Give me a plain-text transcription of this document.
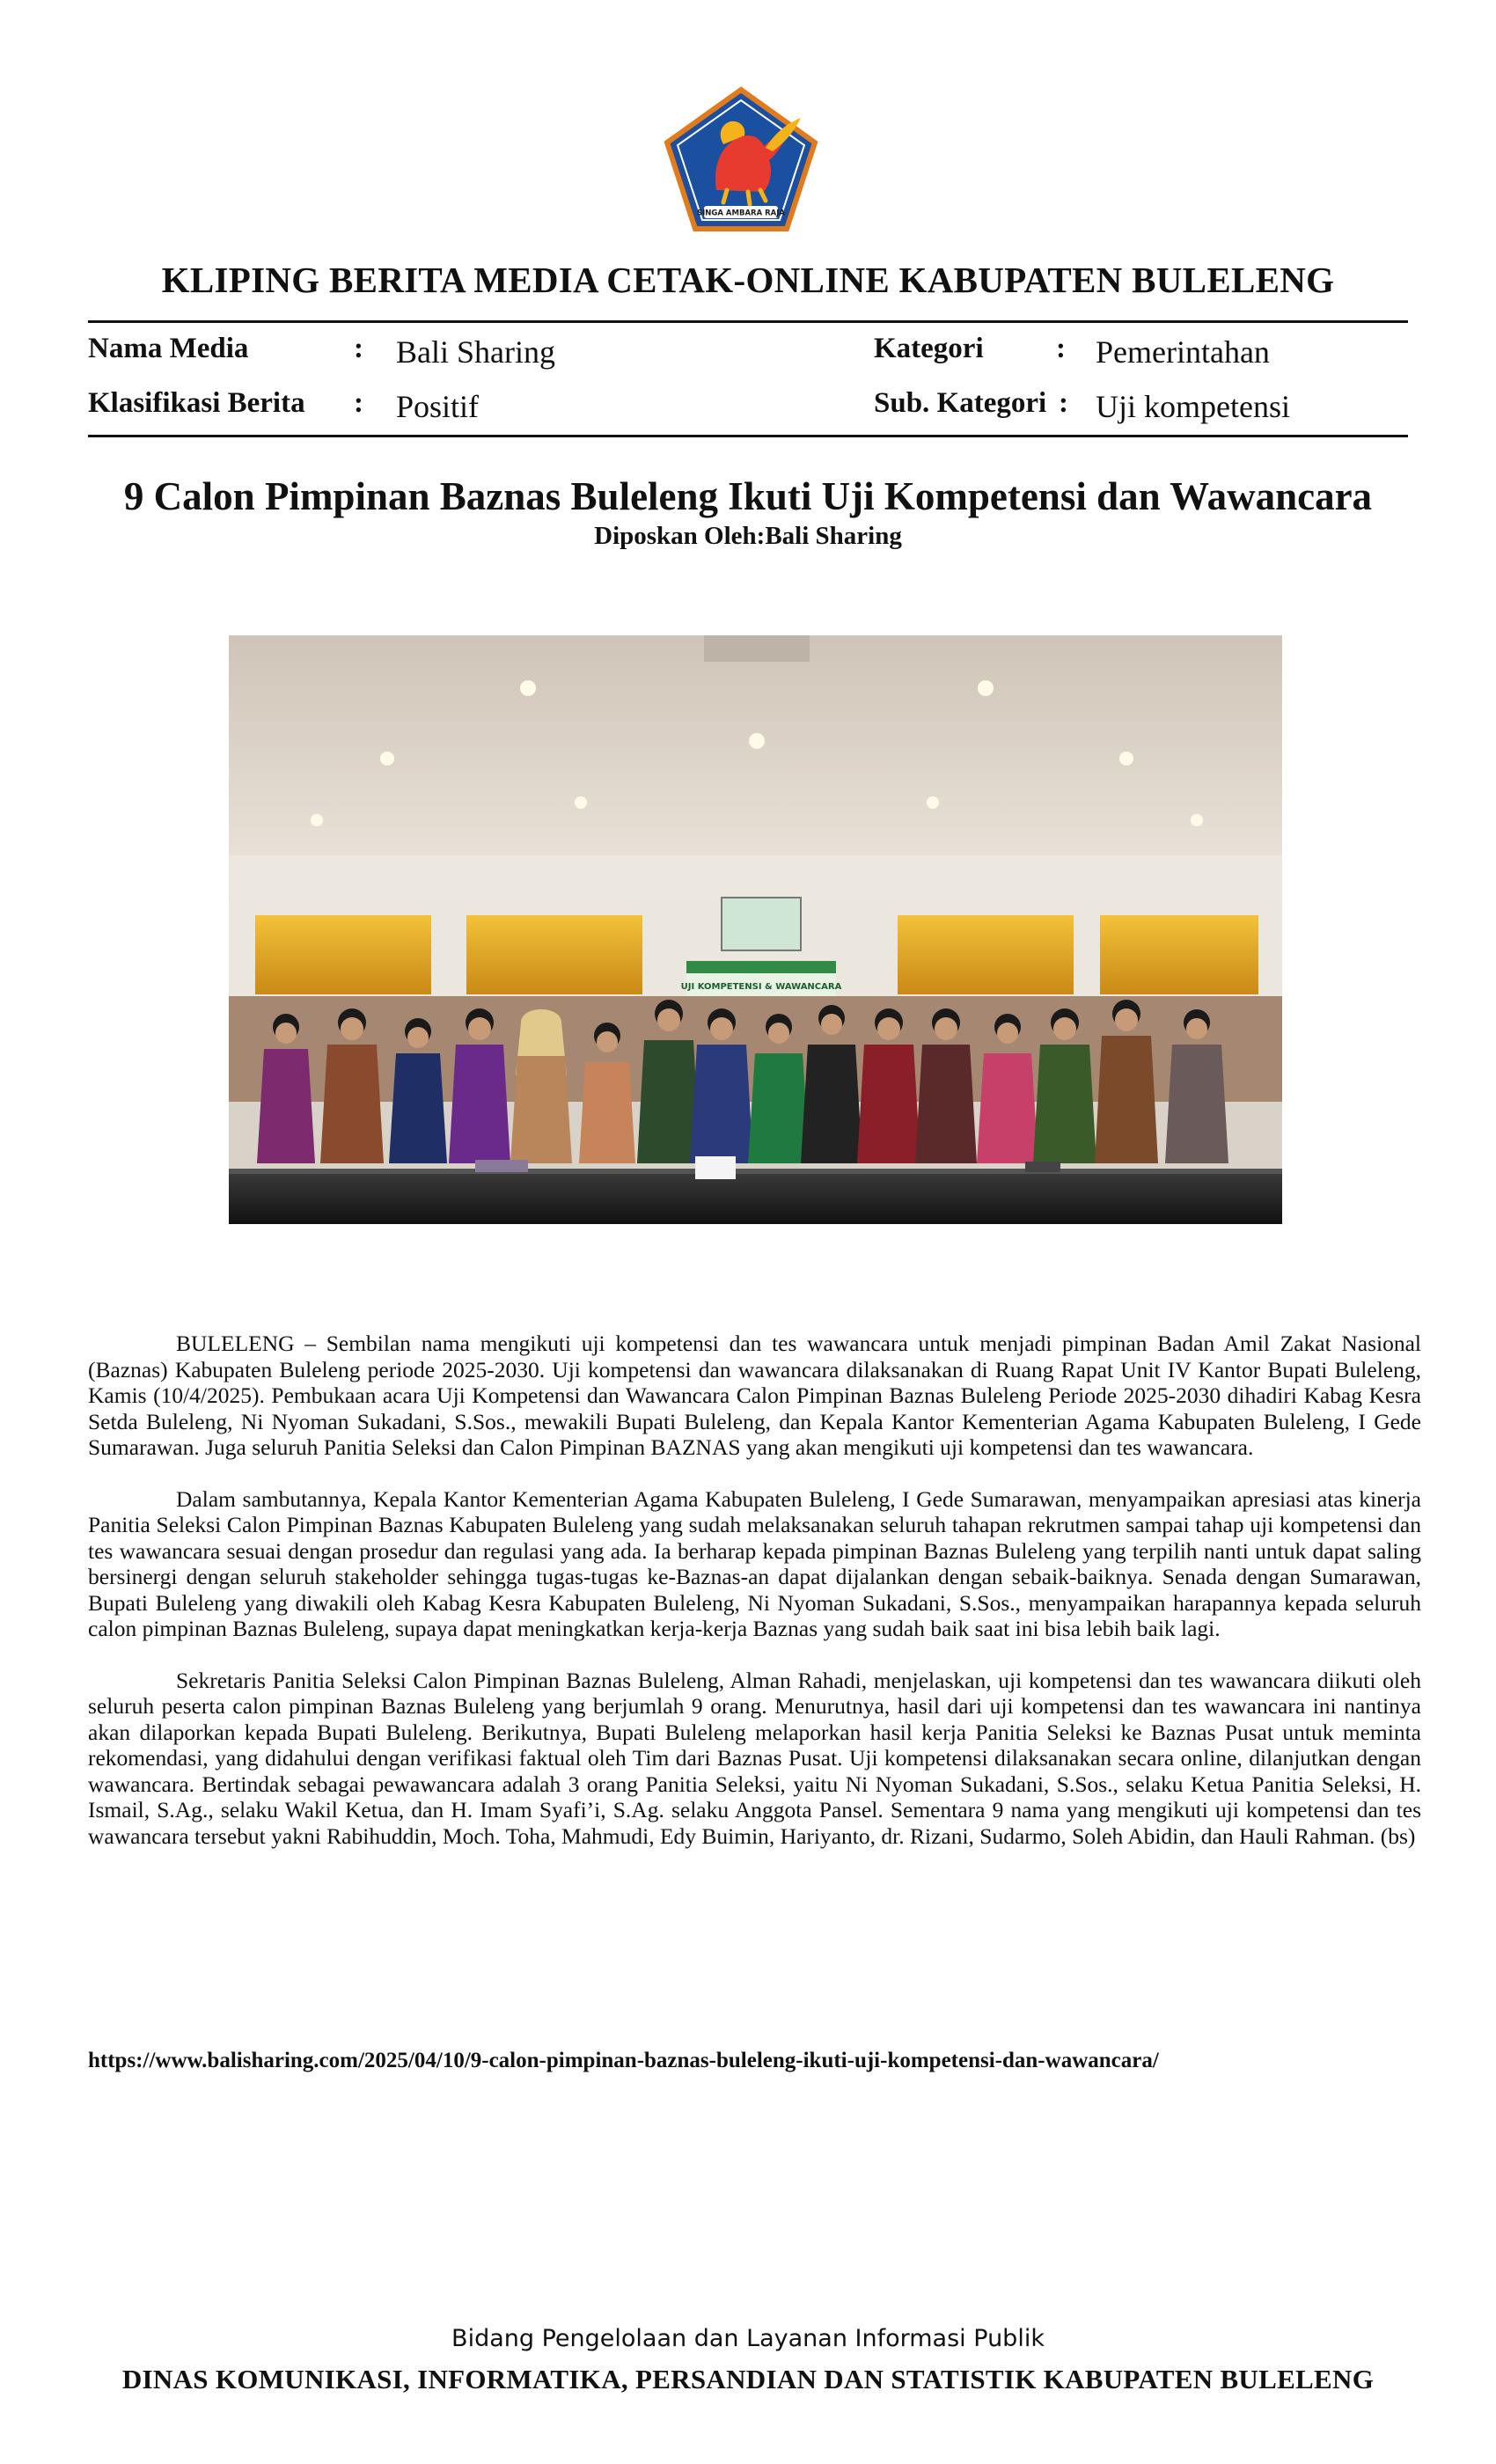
SINGA AMBARA RAJA
KLIPING BERITA MEDIA CETAK-ONLINE KABUPATEN BULELENG
Nama Media	: Bali Sharing
Klasifikasi Berita : Positif
Kategori : Pemerintahan
Sub. Kategori : Uji kompetensi
9 Calon Pimpinan Baznas Buleleng Ikuti Uji Kompetensi dan Wawancara
Diposkan Oleh:Bali Sharing
UJI KOMPETENSI & WAWANCARA

BULELENG – Sembilan nama mengikuti uji kompetensi dan tes wawancara untuk menjadi pimpinan Badan Amil Zakat Nasional (Baznas) Kabupaten Buleleng periode 2025-2030. Uji kompetensi dan wawancara dilaksanakan di Ruang Rapat Unit IV Kantor Bupati Buleleng, Kamis (10/4/2025). Pembukaan acara Uji Kompetensi dan Wawancara Calon Pimpinan Baznas Buleleng Periode 2025-2030 dihadiri Kabag Kesra Setda Buleleng, Ni Nyoman Sukadani, S.Sos., mewakili Bupati Buleleng, dan Kepala Kantor Kementerian Agama Kabupaten Buleleng, I Gede Sumarawan. Juga seluruh Panitia Seleksi dan Calon Pimpinan BAZNAS yang akan mengikuti uji kompetensi dan tes wawancara.

Dalam sambutannya, Kepala Kantor Kementerian Agama Kabupaten Buleleng, I Gede Sumarawan, menyampaikan apresiasi atas kinerja Panitia Seleksi Calon Pimpinan Baznas Kabupaten Buleleng yang sudah melaksanakan seluruh tahapan rekrutmen sampai tahap uji kompetensi dan tes wawancara sesuai dengan prosedur dan regulasi yang ada. Ia berharap kepada pimpinan Baznas Buleleng yang terpilih nanti untuk dapat saling bersinergi dengan seluruh stakeholder sehingga tugas-tugas ke-Baznas-an dapat dijalankan dengan sebaik-baiknya. Senada dengan Sumarawan, Bupati Buleleng yang diwakili oleh Kabag Kesra Kabupaten Buleleng, Ni Nyoman Sukadani, S.Sos., menyampaikan harapannya kepada seluruh calon pimpinan Baznas Buleleng, supaya dapat meningkatkan kerja-kerja Baznas yang sudah baik saat ini bisa lebih baik lagi.

Sekretaris Panitia Seleksi Calon Pimpinan Baznas Buleleng, Alman Rahadi, menjelaskan, uji kompetensi dan tes wawancara diikuti oleh seluruh peserta calon pimpinan Baznas Buleleng yang berjumlah 9 orang. Menurutnya, hasil dari uji kompetensi dan tes wawancara ini nantinya akan dilaporkan kepada Bupati Buleleng. Berikutnya, Bupati Buleleng melaporkan hasil kerja Panitia Seleksi ke Baznas Pusat untuk meminta rekomendasi, yang didahului dengan verifikasi faktual oleh Tim dari Baznas Pusat. Uji kompetensi dilaksanakan secara online, dilanjutkan dengan wawancara. Bertindak sebagai pewawancara adalah 3 orang Panitia Seleksi, yaitu Ni Nyoman Sukadani, S.Sos., selaku Ketua Panitia Seleksi, H. Ismail, S.Ag., selaku Wakil Ketua, dan H. Imam Syafi’i, S.Ag. selaku Anggota Pansel. Sementara 9 nama yang mengikuti uji kompetensi dan tes wawancara tersebut yakni Rabihuddin, Moch. Toha, Mahmudi, Edy Buimin, Hariyanto, dr. Rizani, Sudarmo, Soleh Abidin, dan Hauli Rahman. (bs)

https://www.balisharing.com/2025/04/10/9-calon-pimpinan-baznas-buleleng-ikuti-uji-kompetensi-dan-wawancara/
Bidang Pengelolaan dan Layanan Informasi Publik
DINAS KOMUNIKASI, INFORMATIKA, PERSANDIAN DAN STATISTIK KABUPATEN BULELENG
